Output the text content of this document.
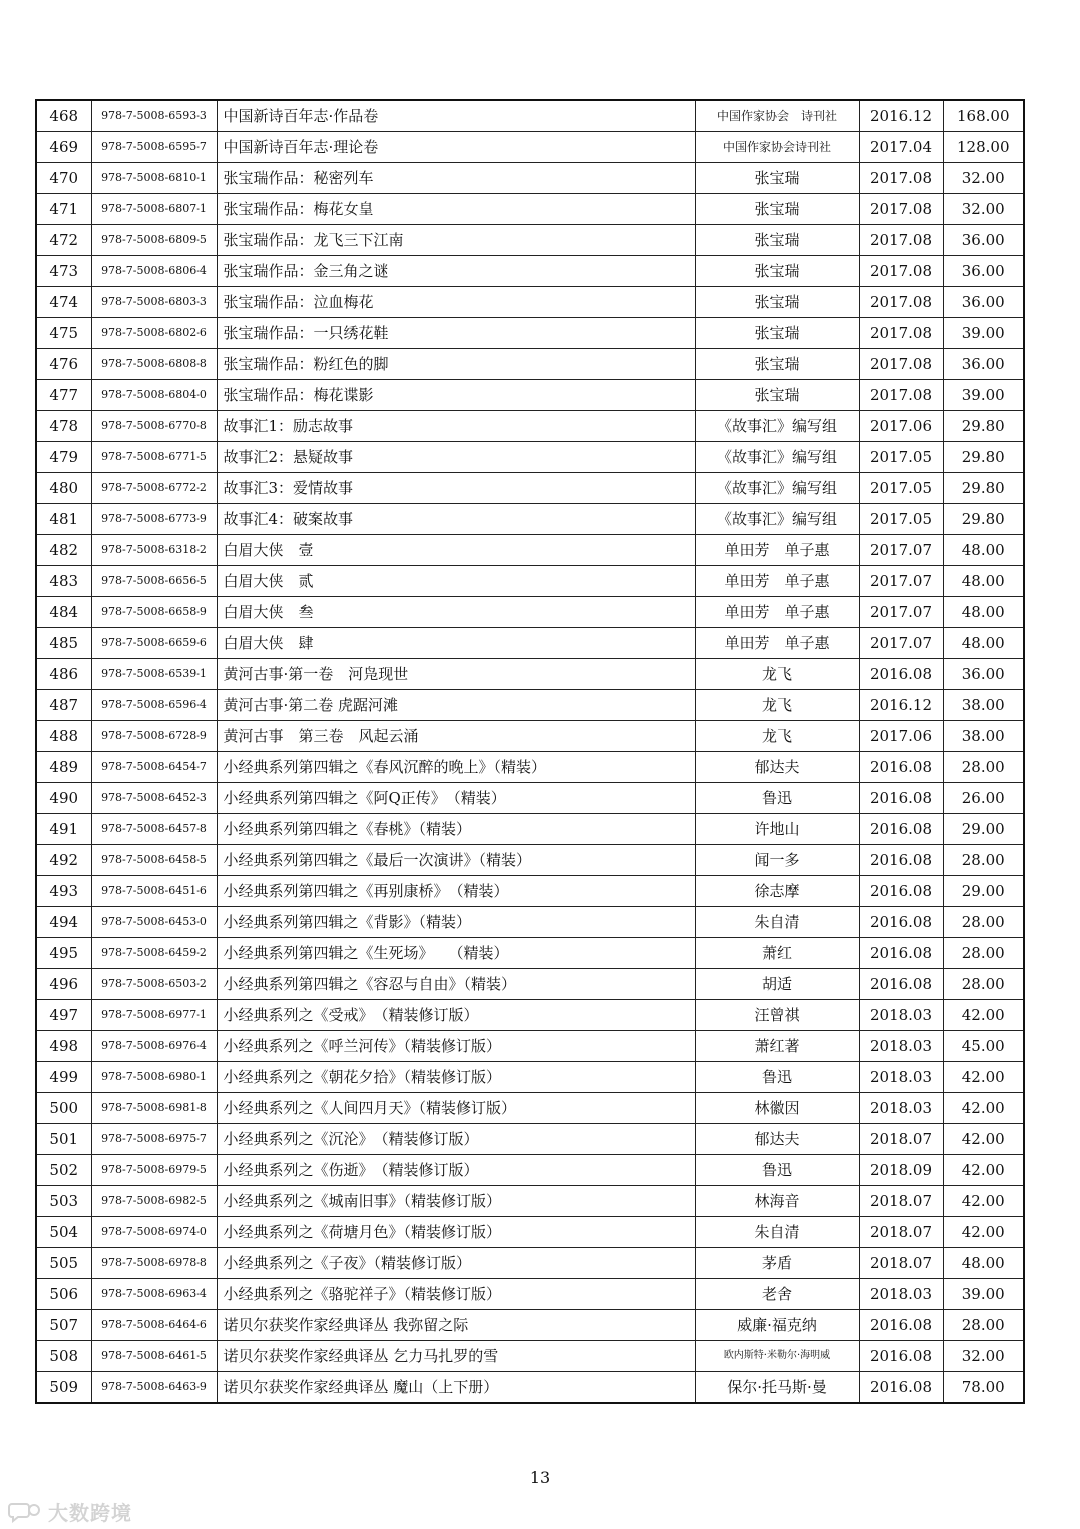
468	978-7-5008-6593-3	中国新诗百年志·作品卷	中国作家协会　诗刊社	2016.12	168.00
469	978-7-5008-6595-7	中国新诗百年志·理论卷	中国作家协会诗刊社	2017.04	128.00
470	978-7-5008-6810-1	张宝瑞作品：秘密列车	张宝瑞	2017.08	32.00
471	978-7-5008-6807-1	张宝瑞作品：梅花女皇	张宝瑞	2017.08	32.00
472	978-7-5008-6809-5	张宝瑞作品：龙飞三下江南	张宝瑞	2017.08	36.00
473	978-7-5008-6806-4	张宝瑞作品：金三角之谜	张宝瑞	2017.08	36.00
474	978-7-5008-6803-3	张宝瑞作品：泣血梅花	张宝瑞	2017.08	36.00
475	978-7-5008-6802-6	张宝瑞作品：一只绣花鞋	张宝瑞	2017.08	39.00
476	978-7-5008-6808-8	张宝瑞作品：粉红色的脚	张宝瑞	2017.08	36.00
477	978-7-5008-6804-0	张宝瑞作品：梅花谍影	张宝瑞	2017.08	39.00
478	978-7-5008-6770-8	故事汇1：励志故事	《故事汇》编写组	2017.06	29.80
479	978-7-5008-6771-5	故事汇2：悬疑故事	《故事汇》编写组	2017.05	29.80
480	978-7-5008-6772-2	故事汇3：爱情故事	《故事汇》编写组	2017.05	29.80
481	978-7-5008-6773-9	故事汇4：破案故事	《故事汇》编写组	2017.05	29.80
482	978-7-5008-6318-2	白眉大侠　壹	单田芳　单子惠	2017.07	48.00
483	978-7-5008-6656-5	白眉大侠　贰	单田芳　单子惠	2017.07	48.00
484	978-7-5008-6658-9	白眉大侠　叁	单田芳　单子惠	2017.07	48.00
485	978-7-5008-6659-6	白眉大侠　肆	单田芳　单子惠	2017.07	48.00
486	978-7-5008-6539-1	黄河古事·第一卷　河凫现世	龙飞	2016.08	36.00
487	978-7-5008-6596-4	黄河古事·第二卷 虎踞河滩	龙飞	2016.12	38.00
488	978-7-5008-6728-9	黄河古事　第三卷　风起云涌	龙飞	2017.06	38.00
489	978-7-5008-6454-7	小经典系列第四辑之《春风沉醉的晚上》（精装）	郁达夫	2016.08	28.00
490	978-7-5008-6452-3	小经典系列第四辑之《阿Q正传》　（精装）	鲁迅	2016.08	26.00
491	978-7-5008-6457-8	小经典系列第四辑之《春桃》（精装）	许地山	2016.08	29.00
492	978-7-5008-6458-5	小经典系列第四辑之《最后一次演讲》（精装）	闻一多	2016.08	28.00
493	978-7-5008-6451-6	小经典系列第四辑之《再别康桥》　（精装）	徐志摩	2016.08	29.00
494	978-7-5008-6453-0	小经典系列第四辑之《背影》（精装）	朱自清	2016.08	28.00
495	978-7-5008-6459-2	小经典系列第四辑之《生死场》　　（精装）	萧红	2016.08	28.00
496	978-7-5008-6503-2	小经典系列第四辑之《容忍与自由》（精装）	胡适	2016.08	28.00
497	978-7-5008-6977-1	小经典系列之《受戒》　（精装修订版）	汪曾祺	2018.03	42.00
498	978-7-5008-6976-4	小经典系列之《呼兰河传》（精装修订版）	萧红著	2018.03	45.00
499	978-7-5008-6980-1	小经典系列之《朝花夕拾》（精装修订版）	鲁迅	2018.03	42.00
500	978-7-5008-6981-8	小经典系列之《人间四月天》（精装修订版）	林徽因	2018.03	42.00
501	978-7-5008-6975-7	小经典系列之《沉沦》　（精装修订版）	郁达夫	2018.07	42.00
502	978-7-5008-6979-5	小经典系列之《伤逝》　（精装修订版）	鲁迅	2018.09	42.00
503	978-7-5008-6982-5	小经典系列之《城南旧事》（精装修订版）	林海音	2018.07	42.00
504	978-7-5008-6974-0	小经典系列之《荷塘月色》（精装修订版）	朱自清	2018.07	42.00
505	978-7-5008-6978-8	小经典系列之《子夜》（精装修订版）	茅盾	2018.07	48.00
506	978-7-5008-6963-4	小经典系列之《骆驼祥子》（精装修订版）	老舍	2018.03	39.00
507	978-7-5008-6464-6	诺贝尔获奖作家经典译丛 我弥留之际	威廉·福克纳	2016.08	28.00
508	978-7-5008-6461-5	诺贝尔获奖作家经典译丛 乞力马扎罗的雪	欧内斯特·米勒尔·海明威	2016.08	32.00
509	978-7-5008-6463-9	诺贝尔获奖作家经典译丛 魔山（上下册）	保尔·托马斯·曼	2016.08	78.00
13
大数跨境
